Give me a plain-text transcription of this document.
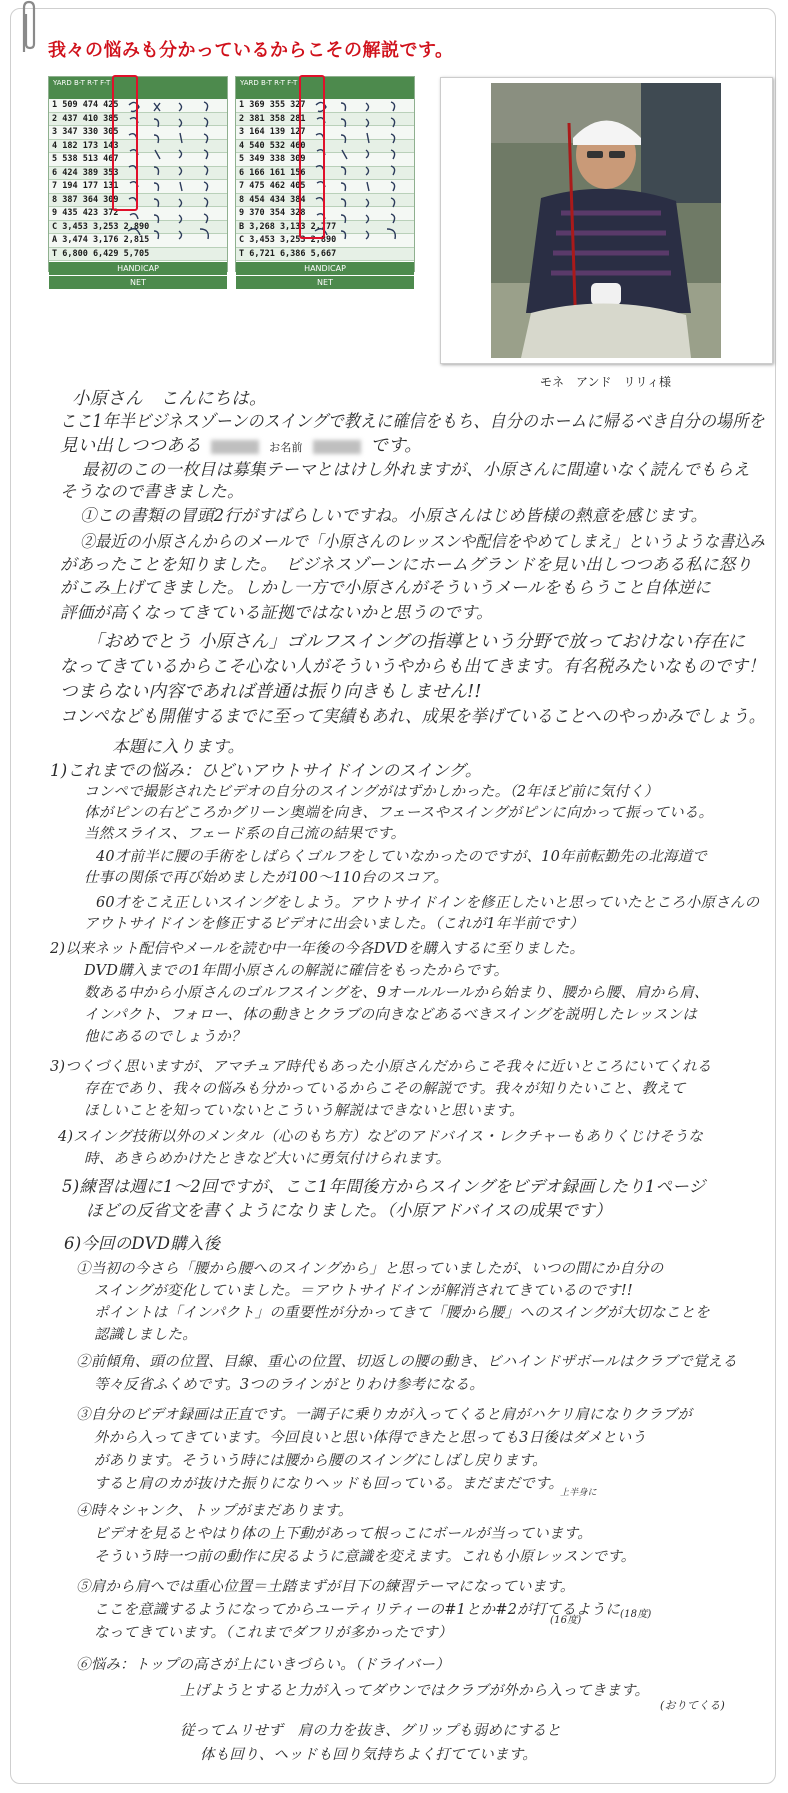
我々の悩みも分かっているからこその解説です。
YARD B-T R-T F-T
1 509 474 425
2 437 410 385
3 347 330 305
4 182 173 143
5 538 513 467
6 424 389 353
7 194 177 131
8 387 364 309
9 435 423 372
C 3,453 3,253 2,890
A 3,474 3,176 2,815
T 6,800 6,429 5,705
HANDICAP
NET
YARD B-T R-T F-T
1 369 355 327
2 381 358 281
3 164 139 127
4 540 532 460
5 349 338 309
6 166 161 156
7 475 462 405
8 454 434 384
9 370 354 328
B 3,268 3,133 2,777
C 3,453 3,253 2,890
T 6,721 6,386 5,667
HANDICAP
NET
モネ　アンド　リリィ様
小原さん　こんにちは。
ここ1年半ビジネスゾーンのスイングで教えに確信をもち、自分のホームに帰るべき自分の場所を
見い出しつつある	お名前	です。
最初のこの一枚目は募集テーマとはけし外れますが、小原さんに間違いなく読んでもらえ
そうなので書きました。
①この書類の冒頭2行がすばらしいですね。小原さんはじめ皆様の熱意を感じます。
②最近の小原さんからのメールで「小原さんのレッスンや配信をやめてしまえ」というような書込み
があったことを知りました。　ビジネスゾーンにホームグランドを見い出しつつある私に怒り
がこみ上げてきました。しかし一方で小原さんがそういうメールをもらうこと自体逆に
評価が高くなってきている証拠ではないかと思うのです。
「おめでとう 小原さん」ゴルフスイングの指導という分野で放っておけない存在に
なってきているからこそ心ない人がそういうやからも出てきます。有名税みたいなものです！
つまらない内容であれば普通は振り向きもしません!!
コンペなども開催するまでに至って実績もあれ、成果を挙げていることへのやっかみでしょう。
本題に入ります。
1)これまでの悩み：ひどいアウトサイドインのスイング。
コンペで撮影されたビデオの自分のスイングがはずかしかった。（2年ほど前に気付く）
体がピンの右どころかグリーン奥端を向き、フェースやスイングがピンに向かって振っている。
当然スライス、フェード系の自己流の結果です。
40才前半に腰の手術をしばらくゴルフをしていなかったのですが、10年前転勤先の北海道で
仕事の関係で再び始めましたが100〜110台のスコア。
60才をこえ正しいスイングをしよう。アウトサイドインを修正したいと思っていたところ小原さんの
アウトサイドインを修正するビデオに出会いました。（これが1年半前です）
2)以来ネット配信やメールを読む中一年後の今各DVDを購入するに至りました。
DVD購入までの1年間小原さんの解説に確信をもったからです。
数ある中から小原さんのゴルフスイングを、9オールルールから始まり、腰から腰、肩から肩、
インパクト、フォロー、体の動きとクラブの向きなどあるべきスイングを説明したレッスンは
他にあるのでしょうか？
3)つくづく思いますが、アマチュア時代もあった小原さんだからこそ我々に近いところにいてくれる
存在であり、我々の悩みも分かっているからこその解説です。我々が知りたいこと、教えて
ほしいことを知っていないとこういう解説はできないと思います。
4)スイング技術以外のメンタル（心のもち方）などのアドバイス・レクチャーもありくじけそうな
時、あきらめかけたときなど大いに勇気付けられます。
5)練習は週に1〜2回ですが、ここ1年間後方からスイングをビデオ録画したり1ページ
ほどの反省文を書くようになりました。（小原アドバイスの成果です）
6)今回のDVD購入後
①当初の今さら「腰から腰へのスイングから」と思っていましたが、いつの間にか自分の
スイングが変化していました。＝アウトサイドインが解消されてきているのです!!
ポイントは「インパクト」の重要性が分かってきて「腰から腰」へのスイングが大切なことを
認識しました。
②前傾角、頭の位置、目線、重心の位置、切返しの腰の動き、ビハインドザボールはクラブで覚える
等々反省ふくめです。3つのラインがとりわけ参考になる。
③自分のビデオ録画は正直です。一調子に乗りカが入ってくると肩がハケリ肩になりクラブが
外から入ってきています。今回良いと思い体得できたと思っても3日後はダメという
があります。そういう時には腰から腰のスイングにしばし戻ります。
すると肩のカが抜けた振りになりヘッドも回っている。まだまだです。
④時々シャンク、トップがまだあります。
上半身に
ビデオを見るとやはり体の上下動があって根っこにボールが当っています。
そういう時一つ前の動作に戻るように意識を変えます。これも小原レッスンです。
⑤肩から肩へでは重心位置＝土踏まずが目下の練習テーマになっています。
ここを意識するようになってからユーティリティーの#1とか#2が打てるように
なってきています。（これまでダフリが多かったです）
(16度)
(18度)
⑥悩み：トップの高さが上にいきづらい。（ドライバー）
上げようとすると力が入ってダウンではクラブが外から入ってきます。
(おりてくる)
従ってムリせず　肩の力を抜き、グリップも弱めにすると
体も回り、ヘッドも回り気持ちよく打てています。
